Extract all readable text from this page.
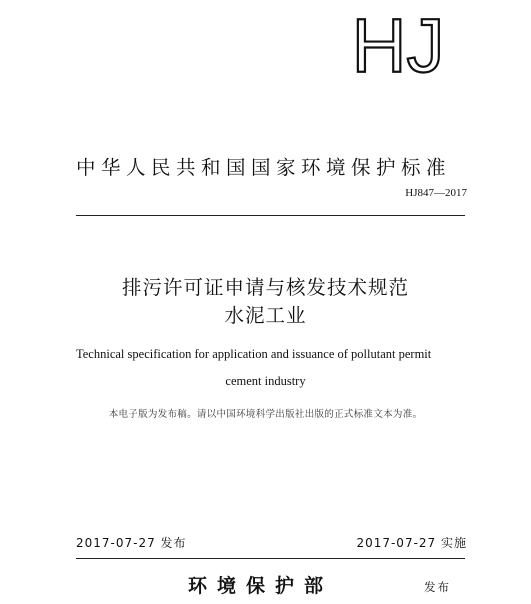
HJ
中华人民共和国国家环境保护标准
HJ847—2017
排污许可证申请与核发技术规范
水泥工业
Technical specification for application and issuance of pollutant permit
cement industry
本电子版为发布稿。请以中国环境科学出版社出版的正式标准文本为准。
2017-07-27 发布	2017-07-27 实施
环境保护部	发布
